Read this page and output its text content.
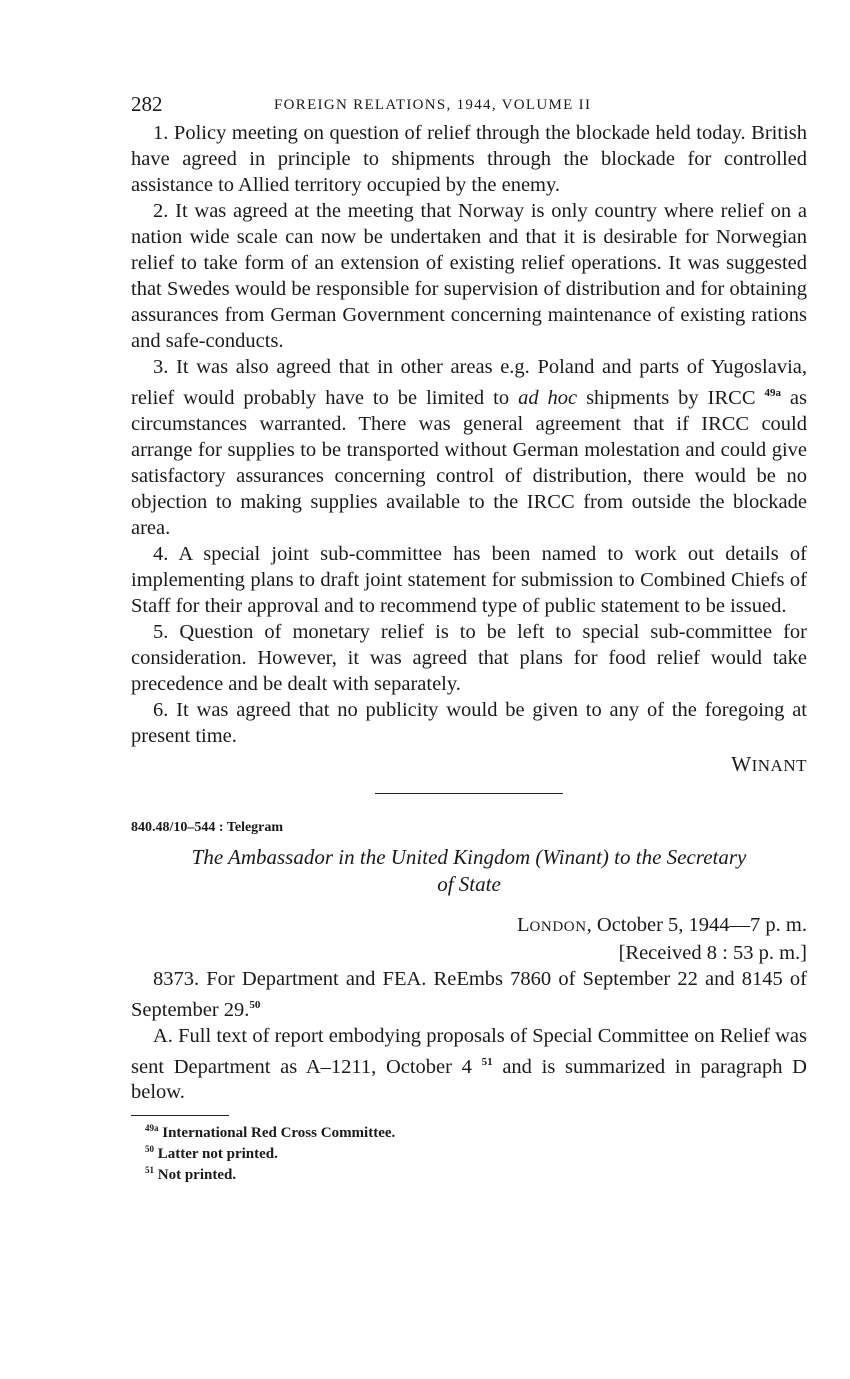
282	FOREIGN RELATIONS, 1944, VOLUME II

1. Policy meeting on question of relief through the blockade held today. British have agreed in principle to shipments through the blockade for controlled assistance to Allied territory occupied by the enemy.

2. It was agreed at the meeting that Norway is only country where relief on a nation wide scale can now be undertaken and that it is desirable for Norwegian relief to take form of an extension of existing relief operations. It was suggested that Swedes would be responsible for supervision of distribution and for obtaining assurances from German Government concerning maintenance of existing rations and safe-conducts.

3. It was also agreed that in other areas e.g. Poland and parts of Yugoslavia, relief would probably have to be limited to ad hoc shipments by IRCC $^{49a}$ as circumstances warranted. There was general agreement that if IRCC could arrange for supplies to be transported without German molestation and could give satisfactory assurances concerning control of distribution, there would be no objection to making supplies available to the IRCC from outside the blockade area.

4. A special joint sub-committee has been named to work out details of implementing plans to draft joint statement for submission to Combined Chiefs of Staff for their approval and to recommend type of public statement to be issued.

5. Question of monetary relief is to be left to special sub-committee for consideration. However, it was agreed that plans for food relief would take precedence and be dealt with separately.

6. It was agreed that no publicity would be given to any of the foregoing at present time.

WINANT
840.48/10–544 : Telegram
The Ambassador in the United Kingdom (Winant) to the Secretary
of State
LONDON, October 5, 1944—7 p. m.
[Received 8 : 53 p. m.]

8373. For Department and FEA. ReEmbs 7860 of September 22 and 8145 of September 29.50

A. Full text of report embodying proposals of Special Committee on Relief was sent Department as A–1211, October 4 $^{51}$ and is summarized in paragraph D below.

$^{49a}$ International Red Cross Committee.
$^{50}$ Latter not printed.
$^{51}$ Not printed.
